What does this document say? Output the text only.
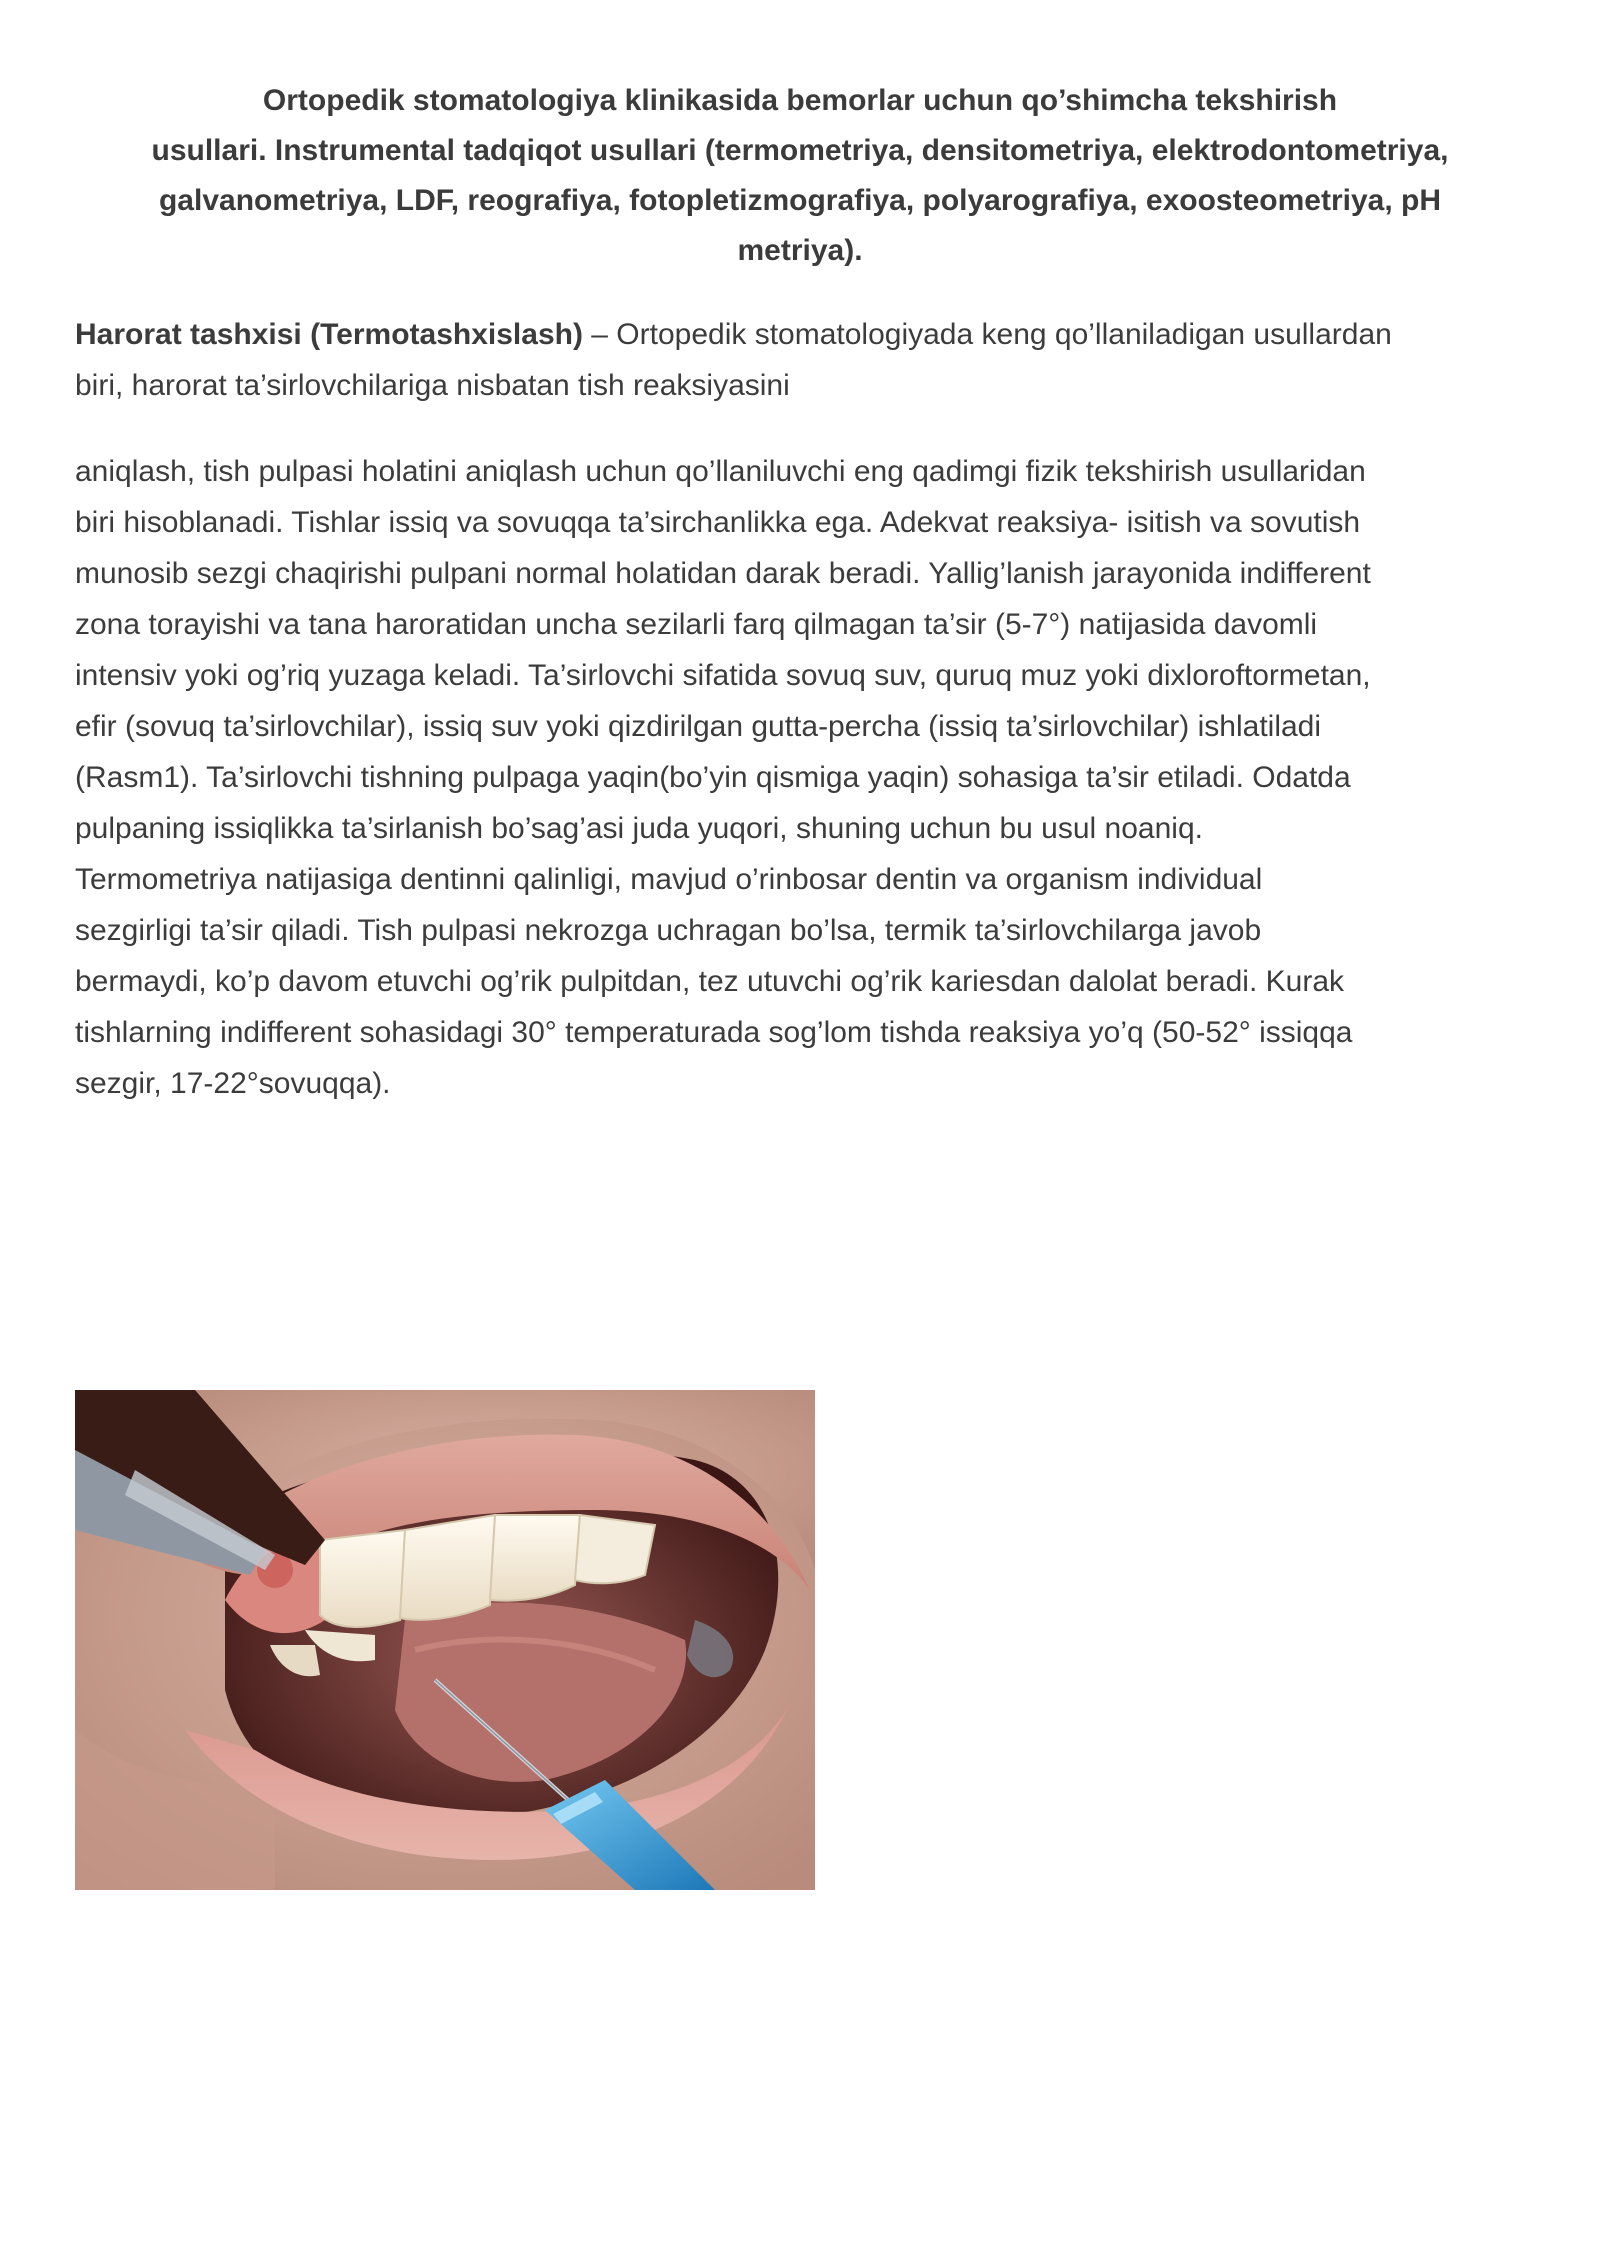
Ortopedik stomatologiya klinikasida bemorlar uchun qo’shimcha tekshirish
usullari. Instrumental tadqiqot usullari (termometriya, densitometriya, elektrodontometriya,
galvanometriya, LDF, reografiya, fotopletizmografiya, polyarografiya, exoosteometriya, pH
metriya).

Harorat tashxisi (Termotashxislash) – Ortopedik stomatologiyada keng qo’llaniladigan usullardan
biri, harorat ta’sirlovchilariga nisbatan tish reaksiyasini

aniqlash, tish pulpasi holatini aniqlash uchun qo’llaniluvchi eng qadimgi fizik tekshirish usullaridan
biri hisoblanadi. Tishlar issiq va sovuqqa ta’sirchanlikka ega. Adekvat reaksiya- isitish va sovutish
munosib sezgi chaqirishi pulpani normal holatidan darak beradi. Yallig’lanish jarayonida indifferent
zona torayishi va tana haroratidan uncha sezilarli farq qilmagan ta’sir (5-7°) natijasida davomli
intensiv yoki og’riq yuzaga keladi. Ta’sirlovchi sifatida sovuq suv, quruq muz yoki dixloroftormetan,
efir (sovuq ta’sirlovchilar), issiq suv yoki qizdirilgan gutta-percha (issiq ta’sirlovchilar) ishlatiladi
(Rasm1). Ta’sirlovchi tishning pulpaga yaqin(bo’yin qismiga yaqin) sohasiga ta’sir etiladi. Odatda
pulpaning issiqlikka ta’sirlanish bo’sag’asi juda yuqori, shuning uchun bu usul noaniq.
Termometriya natijasiga dentinni qalinligi, mavjud o’rinbosar dentin va organism individual
sezgirligi ta’sir qiladi. Tish pulpasi nekrozga uchragan bo’lsa, termik ta’sirlovchilarga javob
bermaydi, ko’p davom etuvchi og’rik pulpitdan, tez utuvchi og’rik kariesdan dalolat beradi. Kurak
tishlarning indifferent sohasidagi 30° temperaturada sog’lom tishda reaksiya yo’q (50-52° issiqqa
sezgir, 17-22°sovuqqa).
